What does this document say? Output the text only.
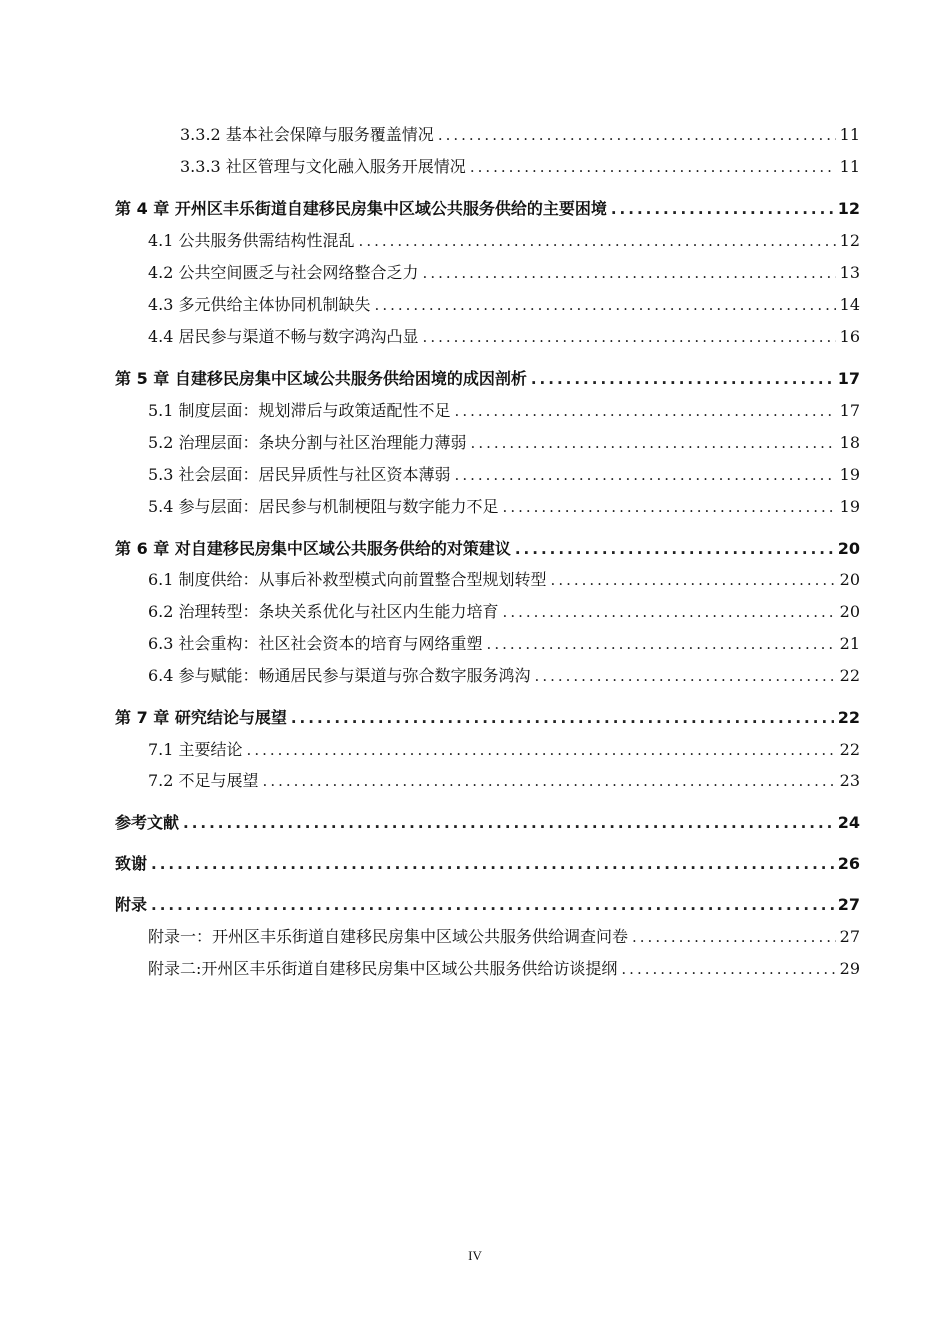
3.3.2 基本社会保障与服务覆盖情况 .....	11
3.3.3 社区管理与文化融入服务开展情况 .....	11
第 4 章 开州区丰乐街道自建移民房集中区域公共服务供给的主要困境 .....	12
4.1 公共服务供需结构性混乱 .....	12
4.2 公共空间匮乏与社会网络整合乏力 .....	13
4.3 多元供给主体协同机制缺失 .....	14
4.4 居民参与渠道不畅与数字鸿沟凸显 .....	16
第 5 章 自建移民房集中区域公共服务供给困境的成因剖析 .....	17
5.1 制度层面：规划滞后与政策适配性不足 .....	17
5.2 治理层面：条块分割与社区治理能力薄弱 .....	18
5.3 社会层面：居民异质性与社区资本薄弱 .....	19
5.4 参与层面：居民参与机制梗阻与数字能力不足 .....	19
第 6 章 对自建移民房集中区域公共服务供给的对策建议 .....	20
6.1 制度供给：从事后补救型模式向前置整合型规划转型 .....	20
6.2 治理转型：条块关系优化与社区内生能力培育 .....	20
6.3 社会重构：社区社会资本的培育与网络重塑 .....	21
6.4 参与赋能：畅通居民参与渠道与弥合数字服务鸿沟 .....	22
第 7 章 研究结论与展望 .....	22
7.1 主要结论 .....	22
7.2 不足与展望 .....	23
参考文献 .....	24
致谢 .....	26
附录 .....	27
附录一：开州区丰乐街道自建移民房集中区域公共服务供给调查问卷 .....	27
附录二:开州区丰乐街道自建移民房集中区域公共服务供给访谈提纲 .....	29
IV
